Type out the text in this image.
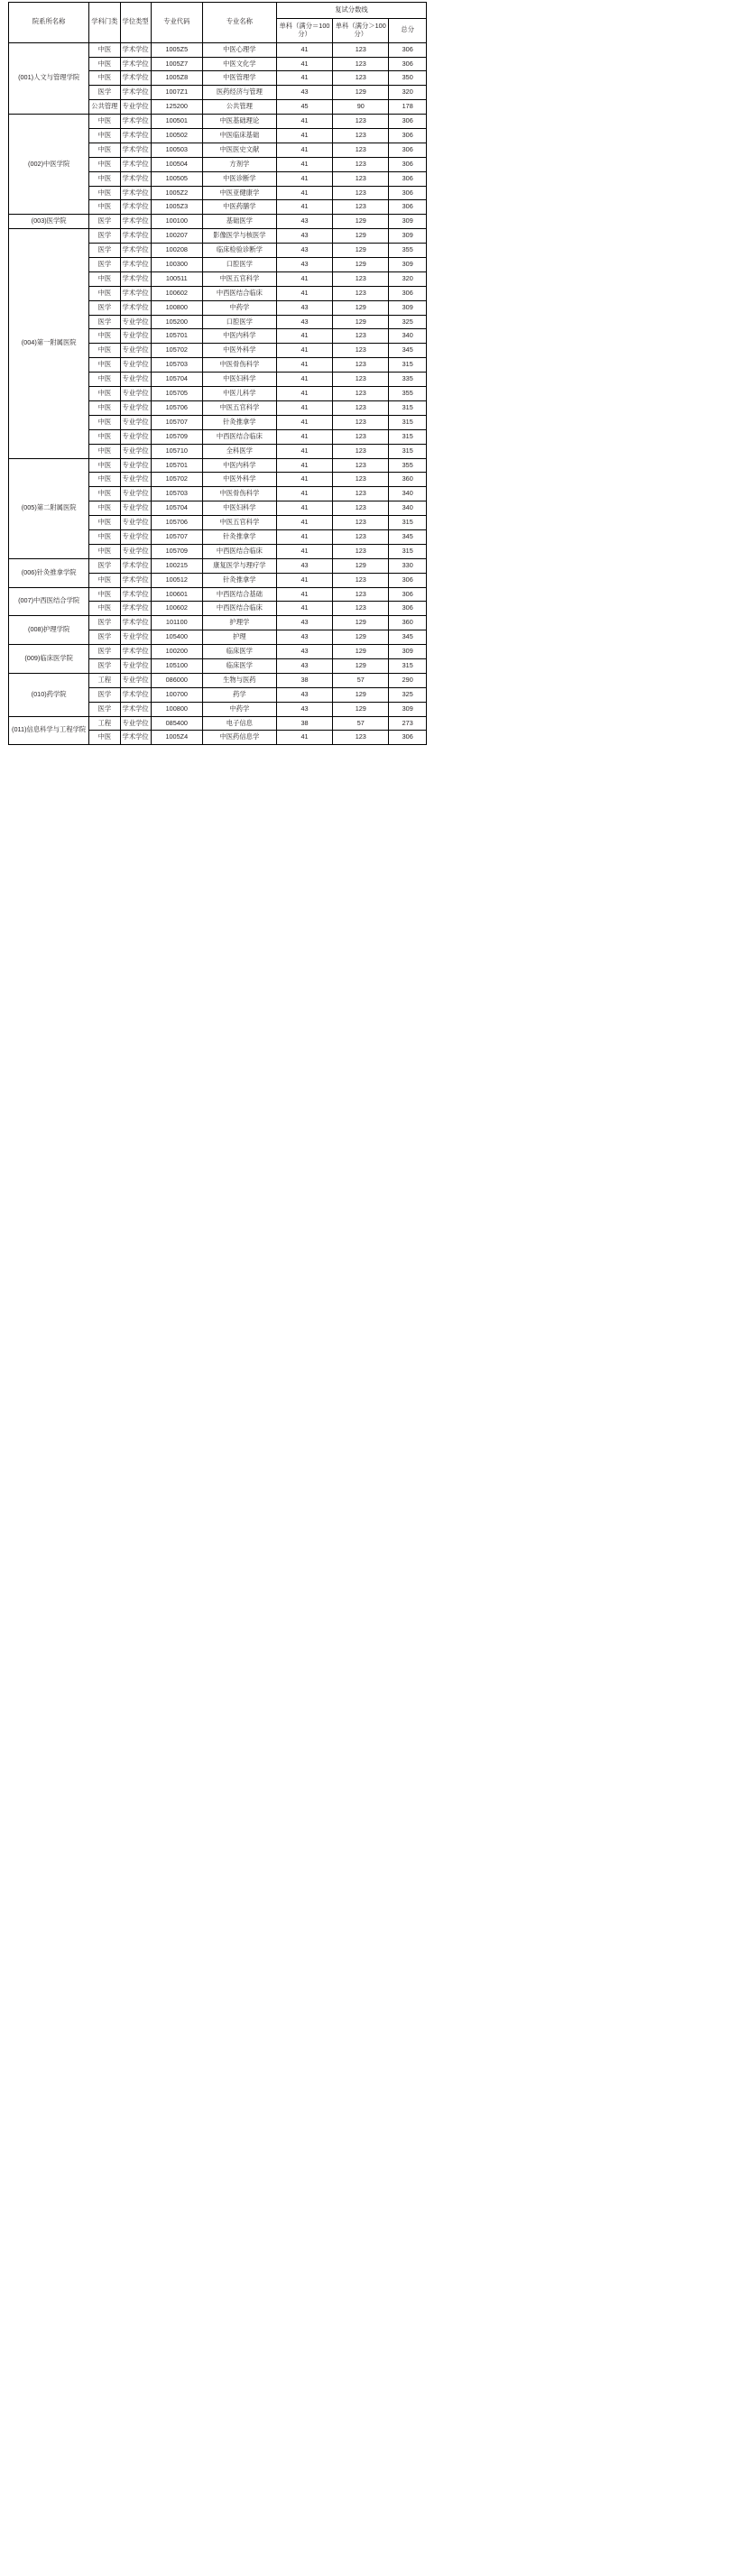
院系所名称	学科门类	学位类型	专业代码	专业名称	复试分数线		
					单科（满分＝100分）	单科（满分＞100分）	总分
(001)人文与管理学院	中医	学术学位	1005Z5	中医心理学	41	123	306
	中医	学术学位	1005Z7	中医文化学	41	123	306
	中医	学术学位	1005Z8	中医管理学	41	123	350
	医学	学术学位	1007Z1	医药经济与管理	43	129	320
	公共管理	专业学位	125200	公共管理	45	90	178
(002)中医学院	中医	学术学位	100501	中医基础理论	41	123	306
	中医	学术学位	100502	中医临床基础	41	123	306
	中医	学术学位	100503	中医医史文献	41	123	306
	中医	学术学位	100504	方剂学	41	123	306
	中医	学术学位	100505	中医诊断学	41	123	306
	中医	学术学位	1005Z2	中医亚健康学	41	123	306
	中医	学术学位	1005Z3	中医药膳学	41	123	306
(003)医学院	医学	学术学位	100100	基础医学	43	129	309
(004)第一附属医院	医学	学术学位	100207	影像医学与核医学	43	129	309
	医学	学术学位	100208	临床检验诊断学	43	129	355
	医学	学术学位	100300	口腔医学	43	129	309
	中医	学术学位	100511	中医五官科学	41	123	320
	中医	学术学位	100602	中西医结合临床	41	123	306
	医学	学术学位	100800	中药学	43	129	309
	医学	专业学位	105200	口腔医学	43	129	325
	中医	专业学位	105701	中医内科学	41	123	340
	中医	专业学位	105702	中医外科学	41	123	345
	中医	专业学位	105703	中医骨伤科学	41	123	315
	中医	专业学位	105704	中医妇科学	41	123	335
	中医	专业学位	105705	中医儿科学	41	123	355
	中医	专业学位	105706	中医五官科学	41	123	315
	中医	专业学位	105707	针灸推拿学	41	123	315
	中医	专业学位	105709	中西医结合临床	41	123	315
	中医	专业学位	105710	全科医学	41	123	315
(005)第二附属医院	中医	专业学位	105701	中医内科学	41	123	355
	中医	专业学位	105702	中医外科学	41	123	360
	中医	专业学位	105703	中医骨伤科学	41	123	340
	中医	专业学位	105704	中医妇科学	41	123	340
	中医	专业学位	105706	中医五官科学	41	123	315
	中医	专业学位	105707	针灸推拿学	41	123	345
	中医	专业学位	105709	中西医结合临床	41	123	315
(006)针灸推拿学院	医学	学术学位	100215	康复医学与理疗学	43	129	330
	中医	学术学位	100512	针灸推拿学	41	123	306
(007)中西医结合学院	中医	学术学位	100601	中西医结合基础	41	123	306
	中医	学术学位	100602	中西医结合临床	41	123	306
(008)护理学院	医学	学术学位	101100	护理学	43	129	360
	医学	专业学位	105400	护理	43	129	345
(009)临床医学院	医学	学术学位	100200	临床医学	43	129	309
	医学	专业学位	105100	临床医学	43	129	315
(010)药学院	工程	专业学位	086000	生物与医药	38	57	290
	医学	学术学位	100700	药学	43	129	325
	医学	学术学位	100800	中药学	43	129	309
(011)信息科学与工程学院	工程	专业学位	085400	电子信息	38	57	273
	中医	学术学位	1005Z4	中医药信息学	41	123	306
